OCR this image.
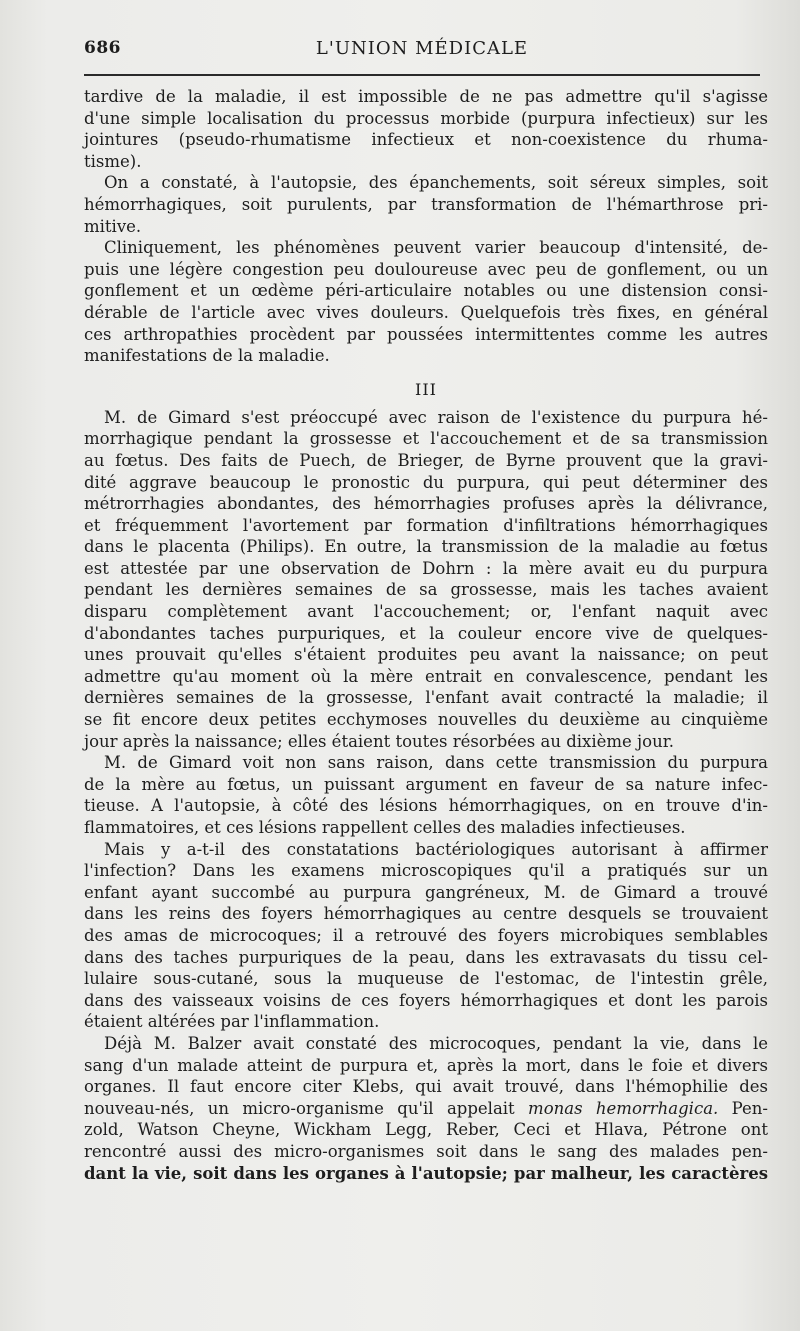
686	L'UNION MÉDICALE
tardive de la maladie, il est impossible de ne pas admettre qu'il s'agisse
d'une simple localisation du processus morbide (purpura infectieux) sur les
jointures (pseudo-rhumatisme infectieux et non-coexistence du rhuma-
tisme).
On a constaté, à l'autopsie, des épanchements, soit séreux simples, soit
hémorrhagiques, soit purulents, par transformation de l'hémarthrose pri-
mitive.
Cliniquement, les phénomènes peuvent varier beaucoup d'intensité, de-
puis une légère congestion peu douloureuse avec peu de gonflement, ou un
gonflement et un œdème péri-articulaire notables ou une distension consi-
dérable de l'article avec vives douleurs. Quelquefois très fixes, en général
ces arthropathies procèdent par poussées intermittentes comme les autres
manifestations de la maladie.
III
M. de Gimard s'est préoccupé avec raison de l'existence du purpura hé-
morrhagique pendant la grossesse et l'accouchement et de sa transmission
au fœtus. Des faits de Puech, de Brieger, de Byrne prouvent que la gravi-
dité aggrave beaucoup le pronostic du purpura, qui peut déterminer des
métrorrhagies abondantes, des hémorrhagies profuses après la délivrance,
et fréquemment l'avortement par formation d'infiltrations hémorrhagiques
dans le placenta (Philips). En outre, la transmission de la maladie au fœtus
est attestée par une observation de Dohrn : la mère avait eu du purpura
pendant les dernières semaines de sa grossesse, mais les taches avaient
disparu complètement avant l'accouchement; or, l'enfant naquit avec
d'abondantes taches purpuriques, et la couleur encore vive de quelques-
unes prouvait qu'elles s'étaient produites peu avant la naissance; on peut
admettre qu'au moment où la mère entrait en convalescence, pendant les
dernières semaines de la grossesse, l'enfant avait contracté la maladie; il
se fit encore deux petites ecchymoses nouvelles du deuxième au cinquième
jour après la naissance; elles étaient toutes résorbées au dixième jour.
M. de Gimard voit non sans raison, dans cette transmission du purpura
de la mère au fœtus, un puissant argument en faveur de sa nature infec-
tieuse. A l'autopsie, à côté des lésions hémorrhagiques, on en trouve d'in-
flammatoires, et ces lésions rappellent celles des maladies infectieuses.
Mais y a-t-il des constatations bactériologiques autorisant à affirmer
l'infection? Dans les examens microscopiques qu'il a pratiqués sur un
enfant ayant succombé au purpura gangréneux, M. de Gimard a trouvé
dans les reins des foyers hémorrhagiques au centre desquels se trouvaient
des amas de microcoques; il a retrouvé des foyers microbiques semblables
dans des taches purpuriques de la peau, dans les extravasats du tissu cel-
lulaire sous-cutané, sous la muqueuse de l'estomac, de l'intestin grêle,
dans des vaisseaux voisins de ces foyers hémorrhagiques et dont les parois
étaient altérées par l'inflammation.
Déjà M. Balzer avait constaté des microcoques, pendant la vie, dans le
sang d'un malade atteint de purpura et, après la mort, dans le foie et divers
organes. Il faut encore citer Klebs, qui avait trouvé, dans l'hémophilie des
nouveau-nés, un micro-organisme qu'il appelait monas hemorrhagica. Pen-
zold, Watson Cheyne, Wickham Legg, Reber, Ceci et Hlava, Pétrone ont
rencontré aussi des micro-organismes soit dans le sang des malades pen-
dant la vie, soit dans les organes à l'autopsie; par malheur, les caractères
